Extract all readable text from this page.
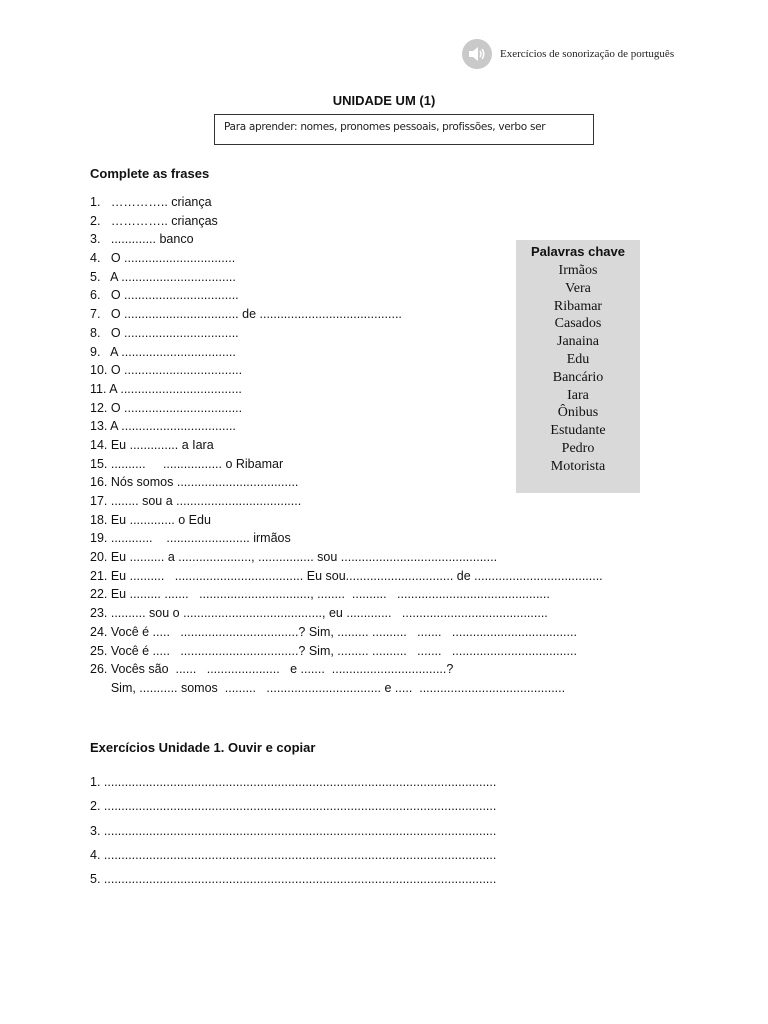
Exercícios de sonorização de português
UNIDADE UM (1)
Para aprender: nomes, pronomes pessoais, profissões, verbo ser
Complete as frases
1.   ………….. criança
2.   ………….. crianças
3.   ............. banco
4.   O ................................
5.   A .................................
6.   O .................................
7.   O ................................. de .........................................
8.   O .................................
9.   A .................................
10. O ..................................
11. A ...................................
12. O ..................................
13. A .................................
14. Eu .............. a Iara
15. ..........     ................. o Ribamar
16. Nós somos ...................................
17. ........ sou a ....................................
18. Eu ............. o Edu
19. ............    ........................ irmãos
20. Eu .......... a ....................., ................ sou .............................................
21. Eu ..........   ..................................... Eu sou............................... de .....................................
22. Eu ......... .......   ................................, ........  ..........   ............................................
23. .......... sou o ........................................, eu .............   ..........................................
24. Você é .....   ..................................? Sim, ......... ..........   .......   ....................................
25. Você é .....   ..................................? Sim, ......... ..........   .......   ....................................
26. Vocês são  ......   .....................   e .......  .................................?
Sim, ........... somos  .........   ................................. e .....  ..........................................
Palavras chave
Irmãos
Vera
Ribamar
Casados
Janaina
Edu
Bancário
Iara
Ônibus
Estudante
Pedro
Motorista
Exercícios Unidade 1. Ouvir e copiar
1. .................................................................................................................
2. .................................................................................................................
3. .................................................................................................................
4. .................................................................................................................
5. .................................................................................................................
